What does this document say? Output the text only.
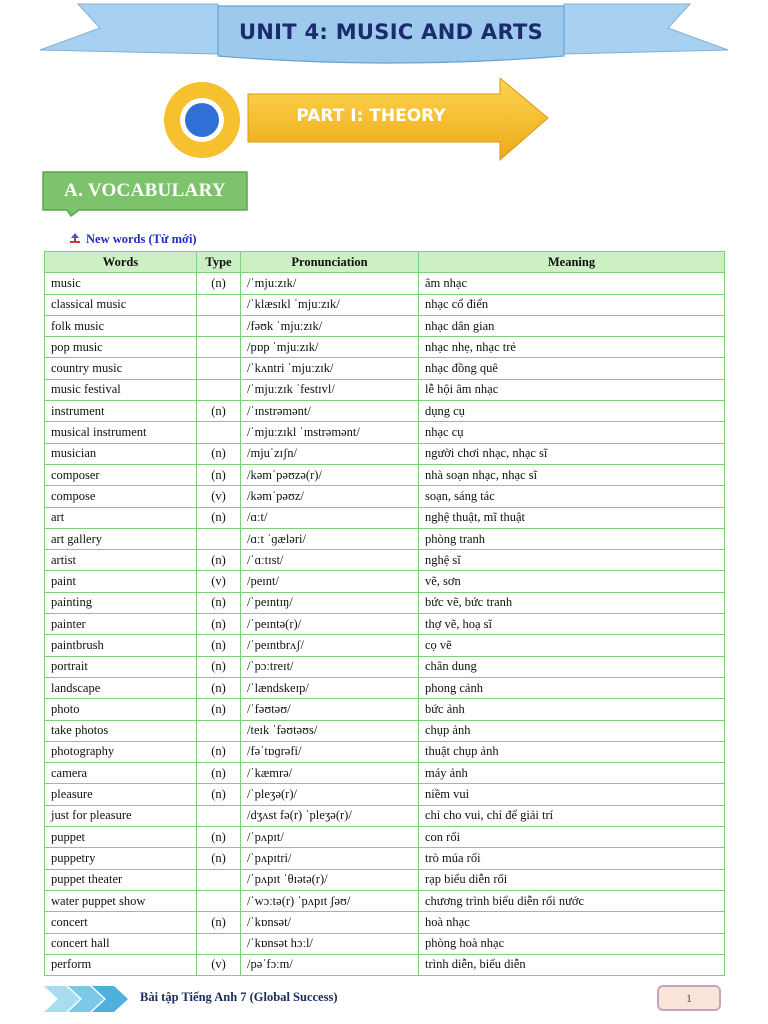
UNIT 4: MUSIC AND ARTS
PART I: THEORY
A. VOCABULARY
New words (Từ mới)
Words	Type	Pronunciation	Meaning
music	(n)	/ˈmjuːzɪk/	âm nhạc
classical music		/ˈklæsɪkl ˈmjuːzɪk/	nhạc cổ điển
folk music		/fəʊk ˈmjuːzɪk/	nhạc dân gian
pop music		/pɒp ˈmjuːzɪk/	nhạc nhẹ, nhạc trẻ
country music		/ˈkʌntri ˈmjuːzɪk/	nhạc đồng quê
music festival		/ˈmjuːzɪk ˈfestɪvl/	lễ hội âm nhạc
instrument	(n)	/ˈɪnstrəmənt/	dụng cụ
musical instrument		/ˈmjuːzɪkl ˈɪnstrəmənt/	nhạc cụ
musician	(n)	/mjuˈzɪʃn/	người chơi nhạc, nhạc sĩ
composer	(n)	/kəmˈpəʊzə(r)/	nhà soạn nhạc, nhạc sĩ
compose	(v)	/kəmˈpəʊz/	soạn, sáng tác
art	(n)	/ɑːt/	nghệ thuật, mĩ thuật
art gallery		/ɑːt ˈɡæləri/	phòng tranh
artist	(n)	/ˈɑːtɪst/	nghệ sĩ
paint	(v)	/peɪnt/	vẽ, sơn
painting	(n)	/ˈpeɪntɪŋ/	bức vẽ, bức tranh
painter	(n)	/ˈpeɪntə(r)/	thợ vẽ, hoạ sĩ
paintbrush	(n)	/ˈpeɪntbrʌʃ/	cọ vẽ
portrait	(n)	/ˈpɔːtreɪt/	chân dung
landscape	(n)	/ˈlændskeɪp/	phong cảnh
photo	(n)	/ˈfəʊtəʊ/	bức ảnh
take photos		/teɪk ˈfəʊtəʊs/	chụp ảnh
photography	(n)	/fəˈtɒɡrəfi/	thuật chụp ảnh
camera	(n)	/ˈkæmrə/	máy ảnh
pleasure	(n)	/ˈpleʒə(r)/	niềm vui
just for pleasure		/dʒʌst fə(r) ˈpleʒə(r)/	chỉ cho vui, chỉ để giải trí
puppet	(n)	/ˈpʌpɪt/	con rối
puppetry	(n)	/ˈpʌpɪtri/	trò múa rối
puppet theater		/ˈpʌpɪt ˈθɪətə(r)/	rạp biểu diễn rối
water puppet show		/ˈwɔːtə(r) ˈpʌpɪt ʃəʊ/	chương trình biểu diễn rối nước
concert	(n)	/ˈkɒnsət/	hoà nhạc
concert hall		/ˈkɒnsət hɔːl/	phòng hoà nhạc
perform	(v)	/pəˈfɔːm/	trình diễn, biểu diễn
Bài tập Tiếng Anh 7 (Global Success)	1
